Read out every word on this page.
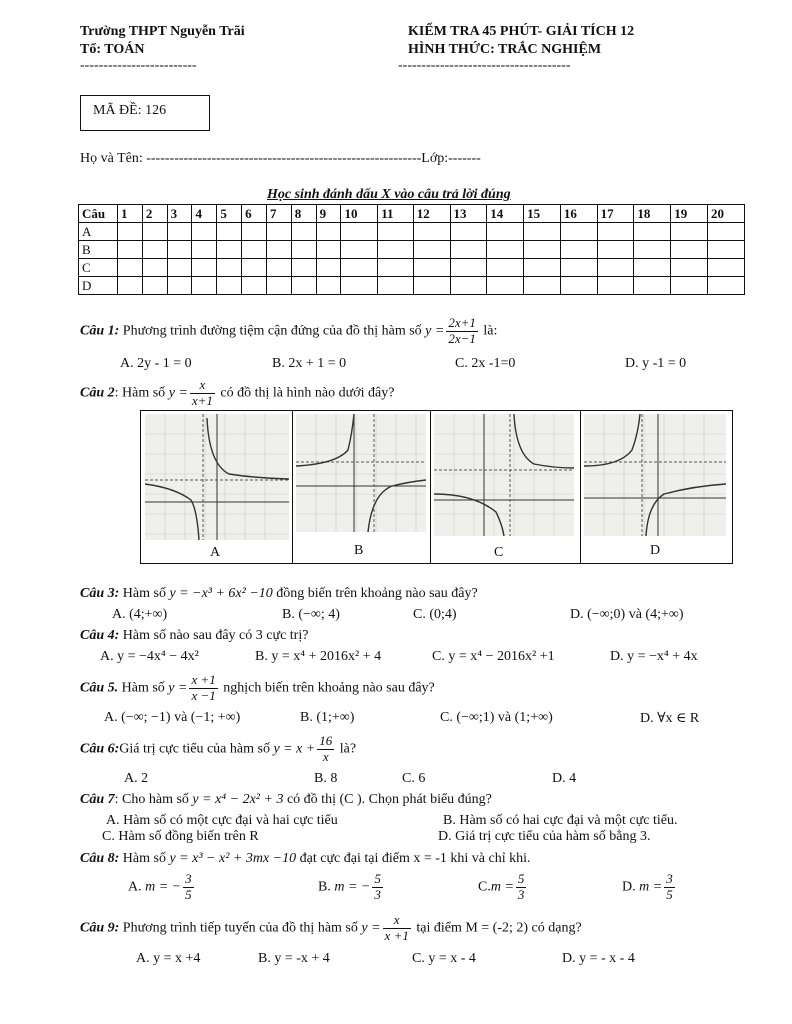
Trường THPT Nguyễn Trãi
Tổ: TOÁN
-------------------------
KIỂM TRA 45 PHÚT- GIẢI TÍCH 12
HÌNH THỨC: TRẮC NGHIỆM
-------------------------------------
MÃ ĐỀ: 126
Họ và Tên: -----------------------------------------------------------Lớp:-------
Học sinh đánh dấu X vào câu trả lời đúng
Câu	1	2	3	4	5	6	7	8	9	10	11	12	13	14	15	16	17	18	19	20
A																				
B																				
C																				
D																				
Câu 1: Phương trình đường tiệm cận đứng của đồ thị hàm số $y = \frac{2x+1}{2x-1}$ là:
A. 2y - 1 = 0	B. 2x + 1 = 0	C. 2x -1=0	D. y -1 = 0
Câu 2: Hàm số $y = \frac{x}{x+1}$ có đồ thị là hình nào dưới đây?
A	B	C	D
Câu 3: Hàm số y = −x³ + 6x² −10 đồng biến trên khoảng nào sau đây?
A. (4;+∞)	B. (−∞; 4)	C. (0;4)	D. (−∞;0) và (4;+∞)
Câu 4: Hàm số nào sau đây có 3 cực trị?
A. y = −4x⁴ − 4x²	B. y = x⁴ + 2016x² + 4	C. y = x⁴ − 2016x² +1	D. y = −x⁴ + 4x
Câu 5. Hàm số $y = \frac{x +1}{x -1}$ nghịch biến trên khoảng nào sau đây?
A. (−∞; −1) và (−1; +∞)	B. (1;+∞)	C. (−∞;1) và (1;+∞)	D. ∀x ∈ R
Câu 6:Giá trị cực tiểu của hàm số $y = x + \frac{16}{x}$ là?
A. 2	B. 8	C. 6	D. 4
Câu 7: Cho hàm số y = x⁴ − 2x² + 3 có đồ thị (C ). Chọn phát biểu đúng?
A. Hàm số có một cực đại và hai cực tiểu	B. Hàm số có hai cực đại và một cực tiểu.
C. Hàm số đồng biến trên R	D. Giá trị cực tiểu của hàm số bằng 3.
Câu 8: Hàm số y = x³ − x² + 3mx −10 đạt cực đại tại điểm x = -1 khi và chỉ khi.
A. m = − $\frac{3}{5}$	B. m = − $\frac{5}{3}$	$C.m = \frac{5}{3}$	D. $m = \frac{3}{5}$
Câu 9: Phương trình tiếp tuyến của đồ thị hàm số $y = \frac{x}{x +1}$ tại điểm M = (-2; 2) có dạng?
A. y = x +4	B. y = -x + 4	C. y = x - 4	D. y = - x - 4
